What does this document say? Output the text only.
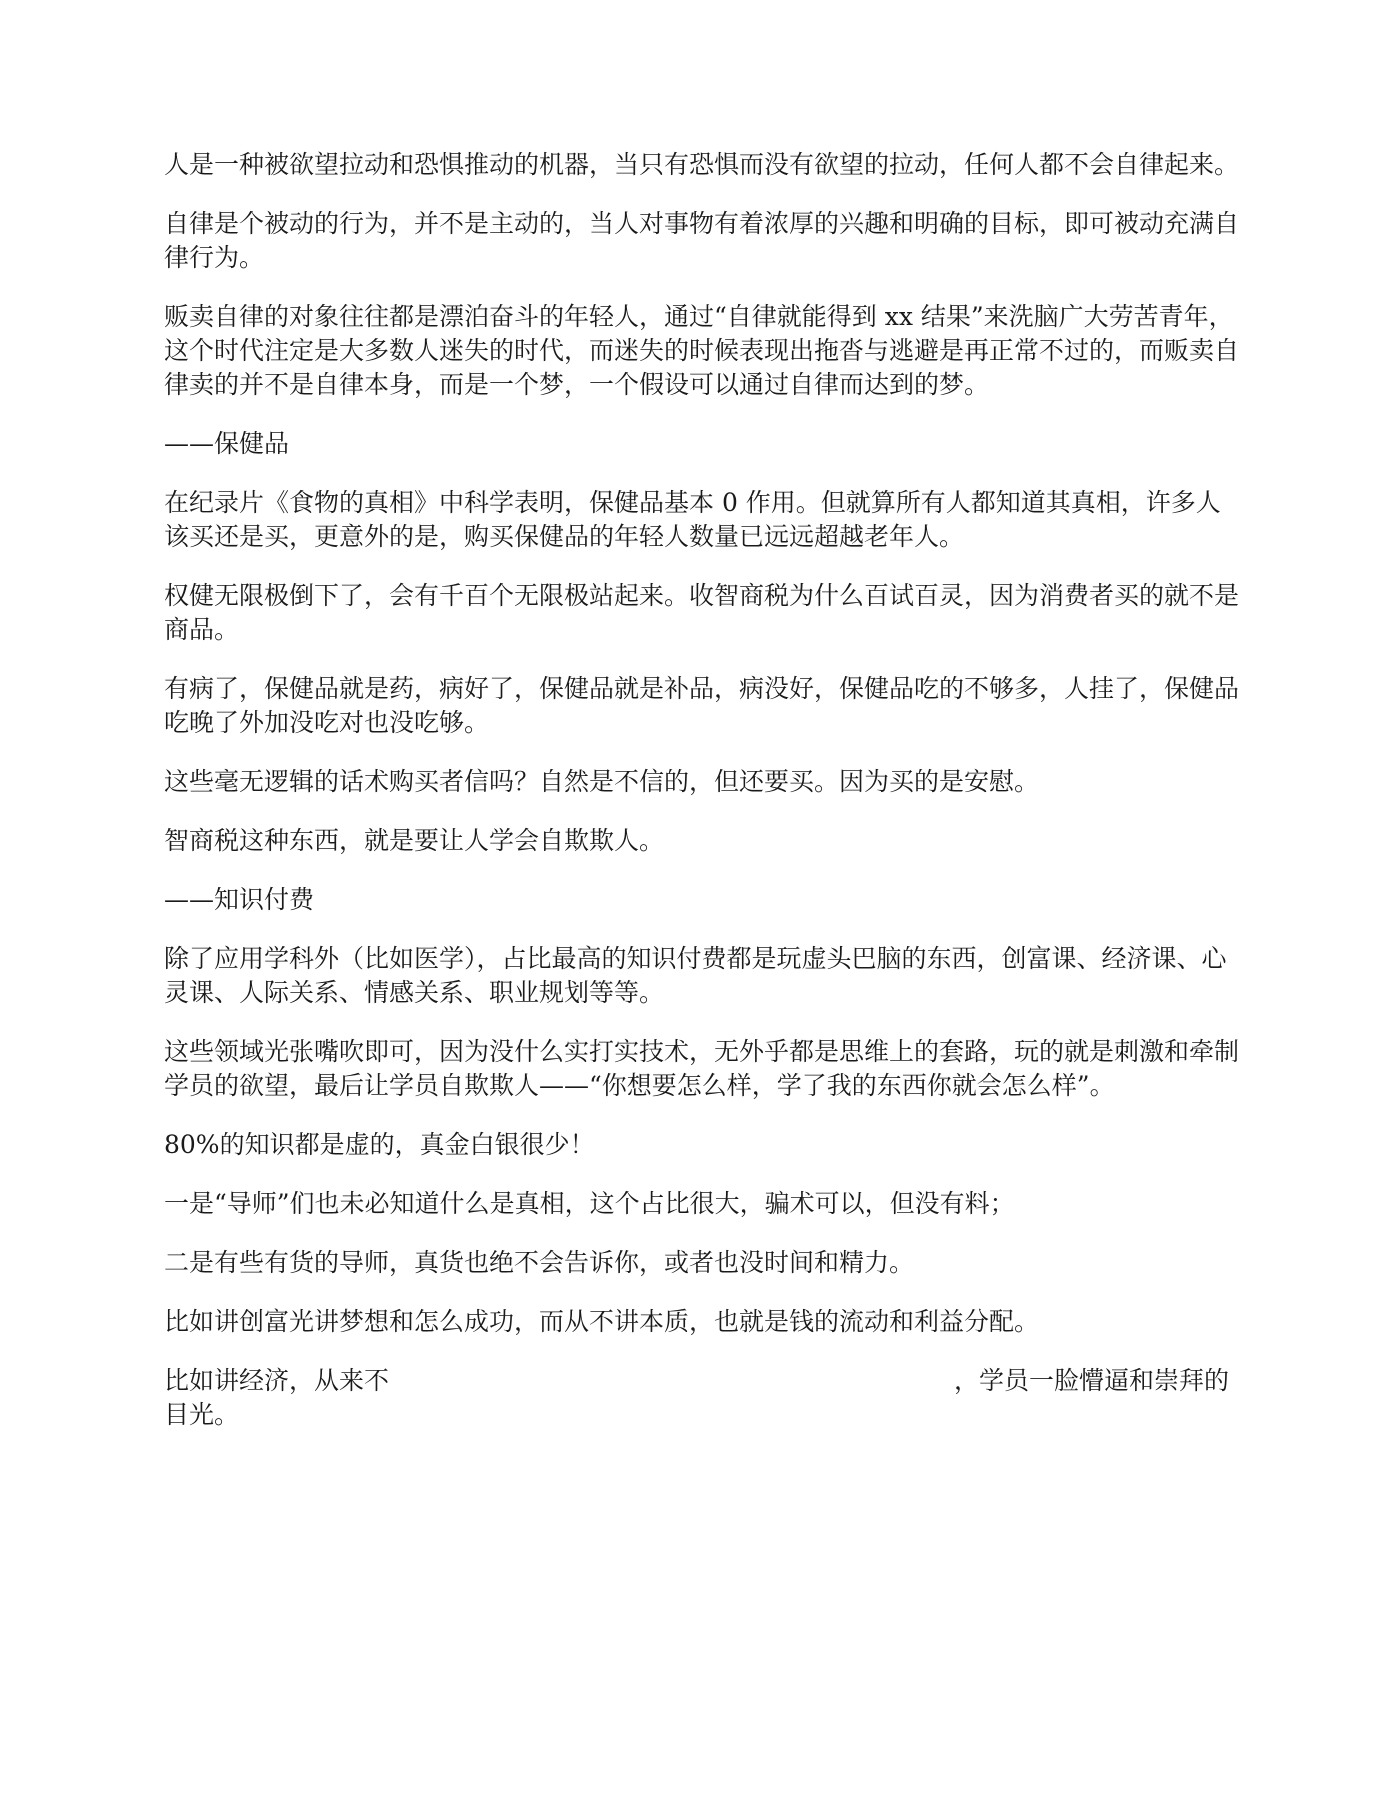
人是一种被欲望拉动和恐惧推动的机器，当只有恐惧而没有欲望的拉动，任何人都不会自律起来。

自律是个被动的行为，并不是主动的，当人对事物有着浓厚的兴趣和明确的目标，即可被动充满自律行为。

贩卖自律的对象往往都是漂泊奋斗的年轻人，通过“自律就能得到 xx 结果”来洗脑广大劳苦青年，这个时代注定是大多数人迷失的时代，而迷失的时候表现出拖沓与逃避是再正常不过的，而贩卖自律卖的并不是自律本身，而是一个梦，一个假设可以通过自律而达到的梦。

——保健品

在纪录片《食物的真相》中科学表明，保健品基本 0 作用。但就算所有人都知道其真相，许多人该买还是买，更意外的是，购买保健品的年轻人数量已远远超越老年人。

权健无限极倒下了，会有千百个无限极站起来。收智商税为什么百试百灵，因为消费者买的就不是商品。

有病了，保健品就是药，病好了，保健品就是补品，病没好，保健品吃的不够多，人挂了，保健品吃晚了外加没吃对也没吃够。

这些毫无逻辑的话术购买者信吗？自然是不信的，但还要买。因为买的是安慰。

智商税这种东西，就是要让人学会自欺欺人。

——知识付费

除了应用学科外（比如医学），占比最高的知识付费都是玩虚头巴脑的东西，创富课、经济课、心灵课、人际关系、情感关系、职业规划等等。

这些领域光张嘴吹即可，因为没什么实打实技术，无外乎都是思维上的套路，玩的就是刺激和牵制学员的欲望，最后让学员自欺欺人——“你想要怎么样，学了我的东西你就会怎么样”。

80%的知识都是虚的，真金白银很少！

一是“导师”们也未必知道什么是真相，这个占比很大，骗术可以，但没有料；

二是有些有货的导师，真货也绝不会告诉你，或者也没时间和精力。

比如讲创富光讲梦想和怎么成功，而从不讲本质，也就是钱的流动和利益分配。

比如讲经济，从来不	，学员一脸懵逼和崇拜的目光。
